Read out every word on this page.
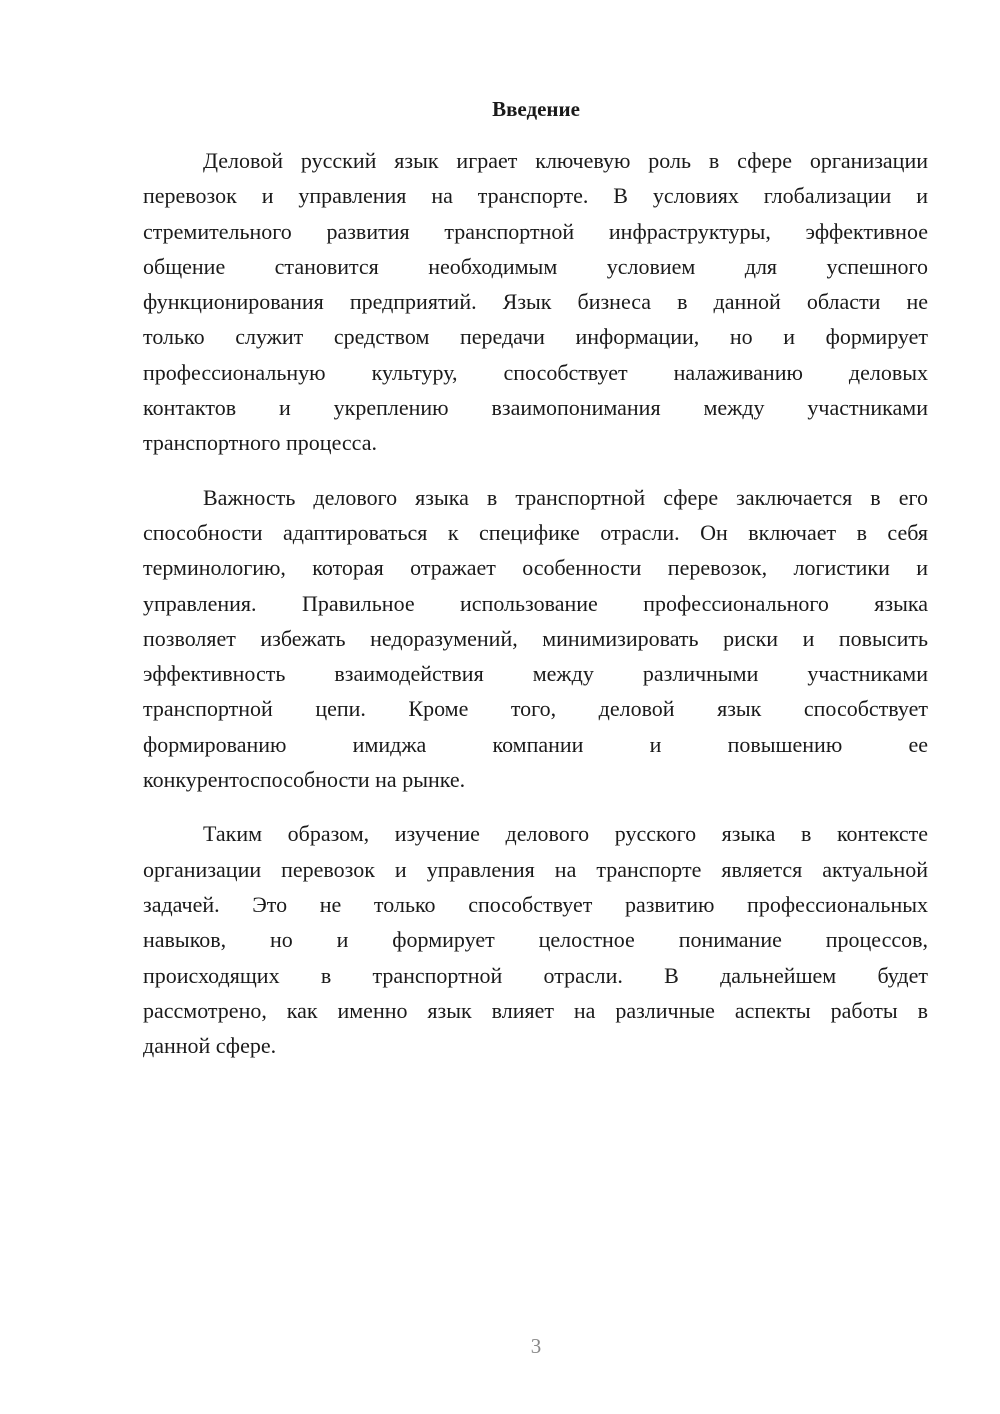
Введение
Деловой русский язык играет ключевую роль в сфере организации
перевозок и управления на транспорте. В условиях глобализации и
стремительного развития транспортной инфраструктуры, эффективное
общение становится необходимым условием для успешного
функционирования предприятий. Язык бизнеса в данной области не
только служит средством передачи информации, но и формирует
профессиональную культуру, способствует налаживанию деловых
контактов и укреплению взаимопонимания между участниками
транспортного процесса.
Важность делового языка в транспортной сфере заключается в его
способности адаптироваться к специфике отрасли. Он включает в себя
терминологию, которая отражает особенности перевозок, логистики и
управления. Правильное использование профессионального языка
позволяет избежать недоразумений, минимизировать риски и повысить
эффективность взаимодействия между различными участниками
транспортной цепи. Кроме того, деловой язык способствует
формированию имиджа компании и повышению ее
конкурентоспособности на рынке.
Таким образом, изучение делового русского языка в контексте
организации перевозок и управления на транспорте является актуальной
задачей. Это не только способствует развитию профессиональных
навыков, но и формирует целостное понимание процессов,
происходящих в транспортной отрасли. В дальнейшем будет
рассмотрено, как именно язык влияет на различные аспекты работы в
данной сфере.
3
